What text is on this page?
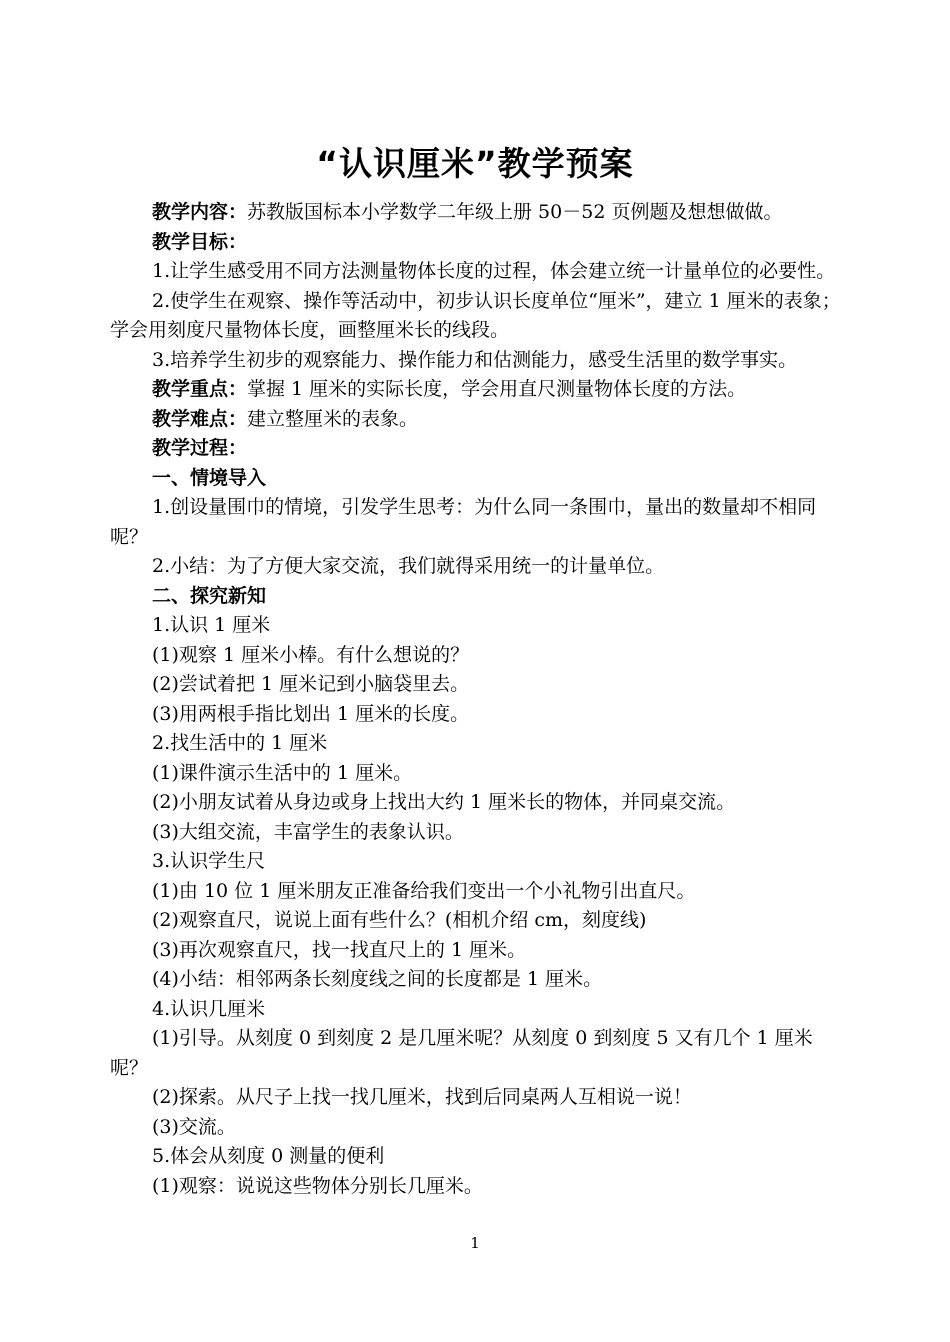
“认识厘米”教学预案

教学内容：苏教版国标本小学数学二年级上册 50－52 页例题及想想做做。

教学目标：

1.让学生感受用不同方法测量物体长度的过程，体会建立统一计量单位的必要性。

2.使学生在观察、操作等活动中，初步认识长度单位“厘米”，建立 1 厘米的表象；学会用刻度尺量物体长度，画整厘米长的线段。

3.培养学生初步的观察能力、操作能力和估测能力，感受生活里的数学事实。

教学重点：掌握 1 厘米的实际长度，学会用直尺测量物体长度的方法。

教学难点：建立整厘米的表象。

教学过程：

一、情境导入

1.创设量围巾的情境，引发学生思考：为什么同一条围巾，量出的数量却不相同呢？

2.小结：为了方便大家交流，我们就得采用统一的计量单位。

二、探究新知

1.认识 1 厘米

(1)观察 1 厘米小棒。有什么想说的？

(2)尝试着把 1 厘米记到小脑袋里去。

(3)用两根手指比划出 1 厘米的长度。

2.找生活中的 1 厘米

(1)课件演示生活中的 1 厘米。

(2)小朋友试着从身边或身上找出大约 1 厘米长的物体，并同桌交流。

(3)大组交流，丰富学生的表象认识。

3.认识学生尺

(1)由 10 位 1 厘米朋友正准备给我们变出一个小礼物引出直尺。

(2)观察直尺，说说上面有些什么？(相机介绍 cm，刻度线)

(3)再次观察直尺，找一找直尺上的 1 厘米。

(4)小结：相邻两条长刻度线之间的长度都是 1 厘米。

4.认识几厘米

(1)引导。从刻度 0 到刻度 2 是几厘米呢？从刻度 0 到刻度 5 又有几个 1 厘米呢？

(2)探索。从尺子上找一找几厘米，找到后同桌两人互相说一说！

(3)交流。

5.体会从刻度 0 测量的便利

(1)观察：说说这些物体分别长几厘米。

1
